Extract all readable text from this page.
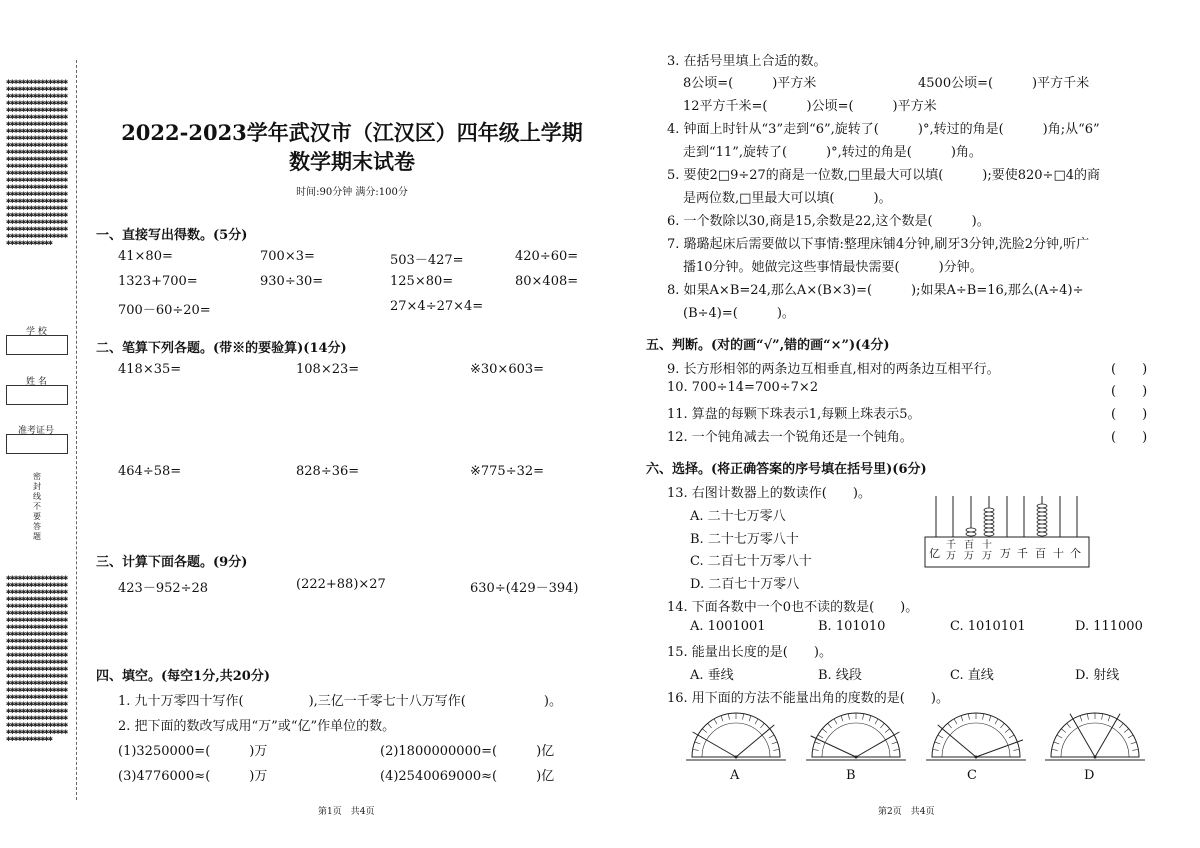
✱✱✱✱✱✱✱✱✱✱✱✱✱✱✱✱✱✱✱✱✱✱✱✱✱✱✱✱✱✱✱✱✱✱✱✱✱✱✱✱✱✱✱✱✱✱✱✱✱✱✱✱✱✱✱✱✱✱✱✱✱✱✱✱✱✱✱✱✱✱✱✱✱✱✱✱✱✱✱✱✱✱✱✱✱✱✱✱✱✱✱✱✱✱✱✱✱✱✱✱✱✱✱✱✱✱✱✱✱✱✱✱✱✱✱✱✱✱✱✱✱✱✱✱✱✱✱✱✱✱✱✱✱✱✱✱✱✱✱✱✱✱✱✱✱✱✱✱✱✱✱✱✱✱✱✱✱✱✱✱✱✱✱✱✱✱✱✱✱✱✱✱✱✱✱✱✱✱✱✱✱✱✱✱✱✱✱✱✱✱✱✱✱✱✱✱✱✱✱✱✱✱✱✱✱✱✱✱✱✱✱✱✱✱✱✱✱✱✱✱✱✱✱✱✱✱✱✱✱✱✱✱✱✱✱✱✱✱✱✱✱✱✱✱✱✱✱✱✱✱✱✱✱✱✱✱✱✱✱✱✱✱✱✱✱✱✱✱✱✱✱✱✱✱✱✱✱✱✱✱✱✱✱✱✱✱✱✱✱✱✱✱✱✱✱✱✱✱✱✱✱✱✱✱✱✱✱✱✱✱✱✱✱✱✱✱✱✱✱✱✱✱✱✱✱✱✱✱✱✱✱✱✱✱✱✱✱✱✱✱✱✱✱✱✱✱✱✱✱✱✱✱✱✱✱✱✱✱✱✱✱✱✱✱✱✱✱✱✱✱✱✱✱✱✱✱✱✱✱✱
✱✱✱✱✱✱✱✱✱✱✱✱✱✱✱✱✱✱✱✱✱✱✱✱✱✱✱✱✱✱✱✱✱✱✱✱✱✱✱✱✱✱✱✱✱✱✱✱✱✱✱✱✱✱✱✱✱✱✱✱✱✱✱✱✱✱✱✱✱✱✱✱✱✱✱✱✱✱✱✱✱✱✱✱✱✱✱✱✱✱✱✱✱✱✱✱✱✱✱✱✱✱✱✱✱✱✱✱✱✱✱✱✱✱✱✱✱✱✱✱✱✱✱✱✱✱✱✱✱✱✱✱✱✱✱✱✱✱✱✱✱✱✱✱✱✱✱✱✱✱✱✱✱✱✱✱✱✱✱✱✱✱✱✱✱✱✱✱✱✱✱✱✱✱✱✱✱✱✱✱✱✱✱✱✱✱✱✱✱✱✱✱✱✱✱✱✱✱✱✱✱✱✱✱✱✱✱✱✱✱✱✱✱✱✱✱✱✱✱✱✱✱✱✱✱✱✱✱✱✱✱✱✱✱✱✱✱✱✱✱✱✱✱✱✱✱✱✱✱✱✱✱✱✱✱✱✱✱✱✱✱✱✱✱✱✱✱✱✱✱✱✱✱✱✱✱✱✱✱✱✱✱✱✱✱✱✱✱✱✱✱✱✱✱✱✱✱✱✱✱✱✱✱✱✱✱✱✱✱✱✱✱✱✱✱✱✱✱✱✱✱✱✱✱✱✱✱✱✱✱✱✱✱✱✱✱✱✱✱✱✱✱✱✱✱✱✱✱✱✱✱✱✱✱✱✱✱✱✱✱✱✱✱✱✱✱✱✱✱✱✱✱✱✱✱✱✱✱✱✱
学 校
姓 名
准考证号
密封线不要答题
2022-2023学年武汉市（江汉区）四年级上学期
数学期末试卷
时间:90分钟 满分:100分
一、直接写出得数。(5分)
41×80=	700×3=	503－427=	420÷60=
1323+700=	930÷30=	125×80=	80×408=
700－60÷20=	27×4÷27×4=
二、笔算下列各题。(带※的要验算)(14分)
418×35=	108×23=	※30×603=
464÷58=	828÷36=	※775÷32=
三、计算下面各题。(9分)
423－952÷28	(222+88)×27	630÷(429－394)
四、填空。(每空1分,共20分)
1. 九十万零四十写作(　　　　　),三亿一千零七十八万写作(　　　　　　)。
2. 把下面的数改写成用“万”或“亿”作单位的数。
(1)3250000=(　　　)万	(2)1800000000=(　　　)亿
(3)4776000≈(　　　)万	(4)2540069000≈(　　　)亿
第1页　共4页
3. 在括号里填上合适的数。
8公顷=(　　　)平方米	4500公顷=(　　　)平方千米
12平方千米=(　　　)公顷=(　　　)平方米
4. 钟面上时针从“3”走到“6”,旋转了(　　　)°,转过的角是(　　　)角;从“6”
走到“11”,旋转了(　　　)°,转过的角是(　　　)角。
5. 要使2□9÷27的商是一位数,□里最大可以填(　　　);要使820÷□4的商
是两位数,□里最大可以填(　　　)。
6. 一个数除以30,商是15,余数是22,这个数是(　　　)。
7. 璐璐起床后需要做以下事情:整理床铺4分钟,刷牙3分钟,洗脸2分钟,听广
播10分钟。她做完这些事情最快需要(　　　)分钟。
8. 如果A×B=24,那么A×(B×3)=(　　　);如果A÷B=16,那么(A÷4)÷
(B÷4)=(　　　)。
五、判断。(对的画“√”,错的画“×”)(4分)
9. 长方形相邻的两条边互相垂直,相对的两条边互相平行。	(　　)
10. 700÷14=700÷7×2	(　　)
11. 算盘的每颗下珠表示1,每颗上珠表示5。	(　　)
12. 一个钝角减去一个锐角还是一个钝角。	(　　)
六、选择。(将正确答案的序号填在括号里)(6分)
13. 右图计数器上的数读作(　　)。
A. 二十七万零八
B. 二十七万零八十
C. 二百七十万零八十
D. 二百七十万零八
亿
千万
百万
十万 万 千 百 十 个
14. 下面各数中一个0也不读的数是(　　)。
A. 1001001	B. 101010	C. 1010101	D. 111000
15. 能量出长度的是(　　)。
A. 垂线	B. 线段	C. 直线	D. 射线
16. 用下面的方法不能量出角的度数的是(　　)。
A	B	C	D
第2页　共4页
